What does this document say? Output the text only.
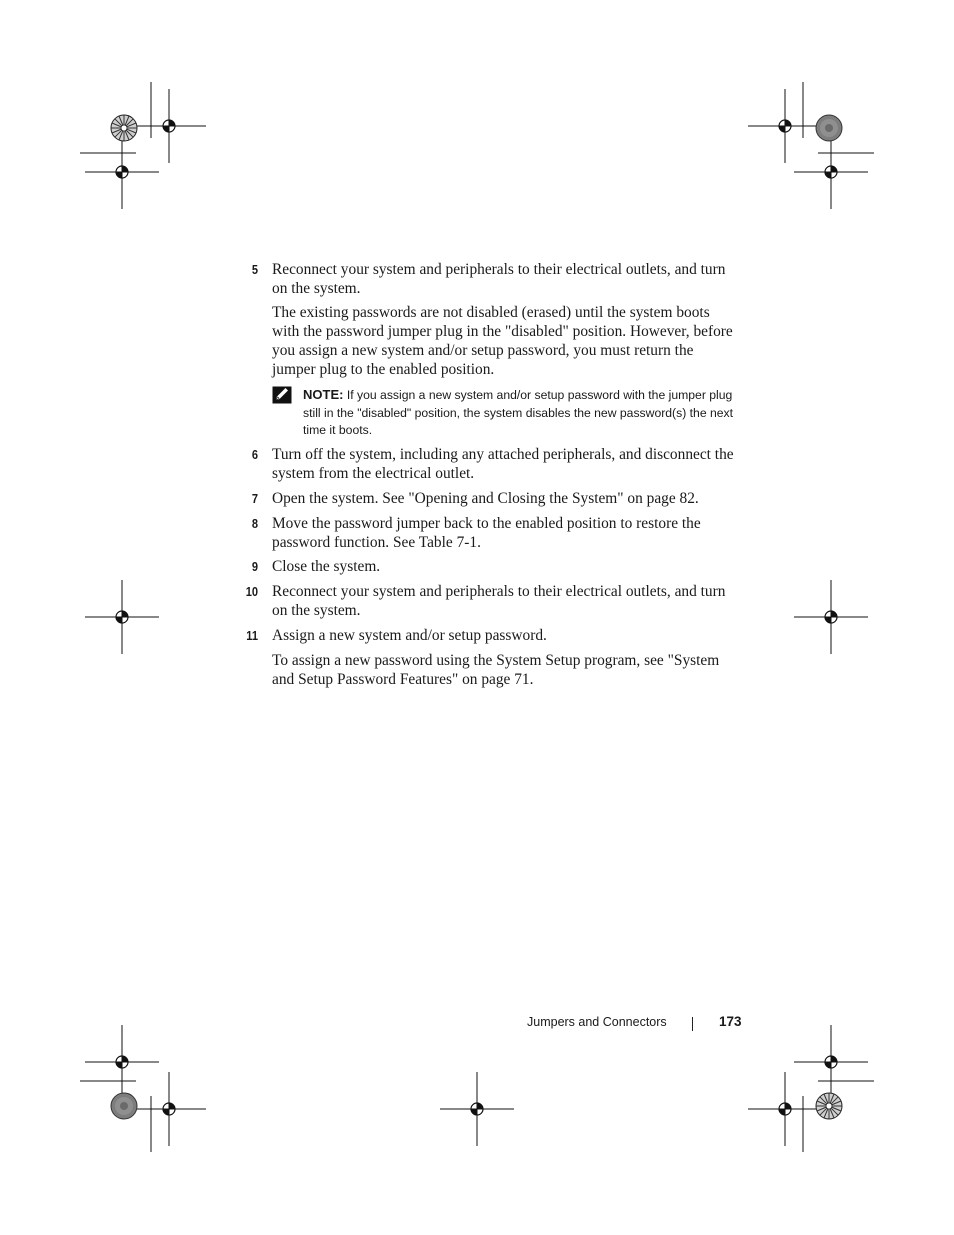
5 Reconnect your system and peripherals to their electrical outlets, and turn on the system.
The existing passwords are not disabled (erased) until the system boots with the password jumper plug in the "disabled" position. However, before you assign a new system and/or setup password, you must return the jumper plug to the enabled position.
NOTE: If you assign a new system and/or setup password with the jumper plug still in the "disabled" position, the system disables the new password(s) the next time it boots.
6 Turn off the system, including any attached peripherals, and disconnect the system from the electrical outlet.
7 Open the system. See "Opening and Closing the System" on page 82.
8 Move the password jumper back to the enabled position to restore the password function. See Table 7-1.
9 Close the system.
10 Reconnect your system and peripherals to their electrical outlets, and turn on the system.
11 Assign a new system and/or setup password.
To assign a new password using the System Setup program, see "System and Setup Password Features" on page 71.
Jumpers and Connectors	173
